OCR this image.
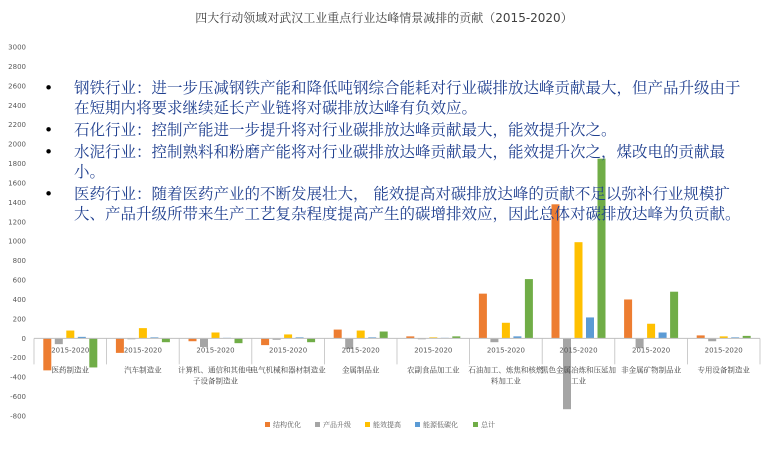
四大行动领域对武汉工业重点行业达峰情景减排的贡献（2015-2020）
-800
-600
-400
-200
0
200
400
600
800
1000
1200
1400
1600
1800
2000
2200
2400
2600
2800
3000
2015-2020
医药制造业
2015-2020
汽车制造业
2015-2020
计算机、通信和其他电
子设备制造业
2015-2020
电气机械和器材制造业
2015-2020
金属制品业
2015-2020
农副食品加工业
2015-2020
石油加工、炼焦和核燃
料加工业
2015-2020
黑色金属冶炼和压延加
工业
2015-2020
非金属矿物制品业
2015-2020
专用设备制造业
结构优化	产品升级	能效提高	能源低碳化	总计
• 钢铁行业：进一步压减钢铁产能和降低吨钢综合能耗对行业碳排放达峰贡献最大，但产品升级由于在短期内将要求继续延长产业链将对碳排放达峰有负效应。
• 石化行业：控制产能进一步提升将对行业碳排放达峰贡献最大，能效提升次之。
• 水泥行业：控制熟料和粉磨产能将对行业碳排放达峰贡献最大，能效提升次之，煤改电的贡献最小。
• 医药行业：随着医药产业的不断发展壮大， 能效提高对碳排放达峰的贡献不足以弥补行业规模扩大、产品升级所带来生产工艺复杂程度提高产生的碳增排效应，因此总体对碳排放达峰为负贡献。
